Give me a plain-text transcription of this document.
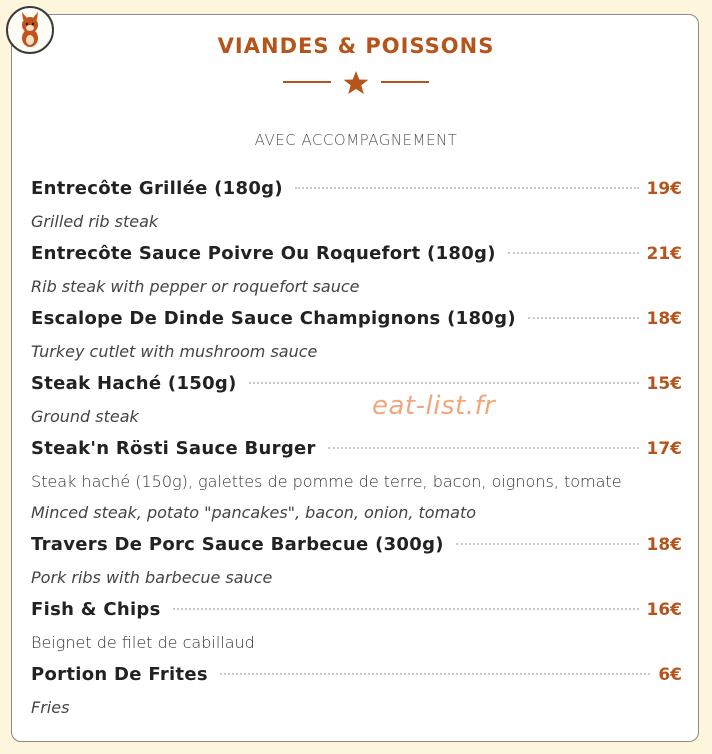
VIANDES & POISSONS
AVEC ACCOMPAGNEMENT
Entrecôte Grillée (180g)	19€
Grilled rib steak
Entrecôte Sauce Poivre Ou Roquefort (180g)	21€
Rib steak with pepper or roquefort sauce
Escalope De Dinde Sauce Champignons (180g)	18€
Turkey cutlet with mushroom sauce
Steak Haché (150g)	15€
Ground steak
Steak'n Rösti Sauce Burger	17€
Steak haché (150g), galettes de pomme de terre, bacon, oignons, tomate
Minced steak, potato "pancakes", bacon, onion, tomato
Travers De Porc Sauce Barbecue (300g)	18€
Pork ribs with barbecue sauce
Fish & Chips	16€
Beignet de filet de cabillaud
Portion De Frites	6€
Fries
eat-list.fr
